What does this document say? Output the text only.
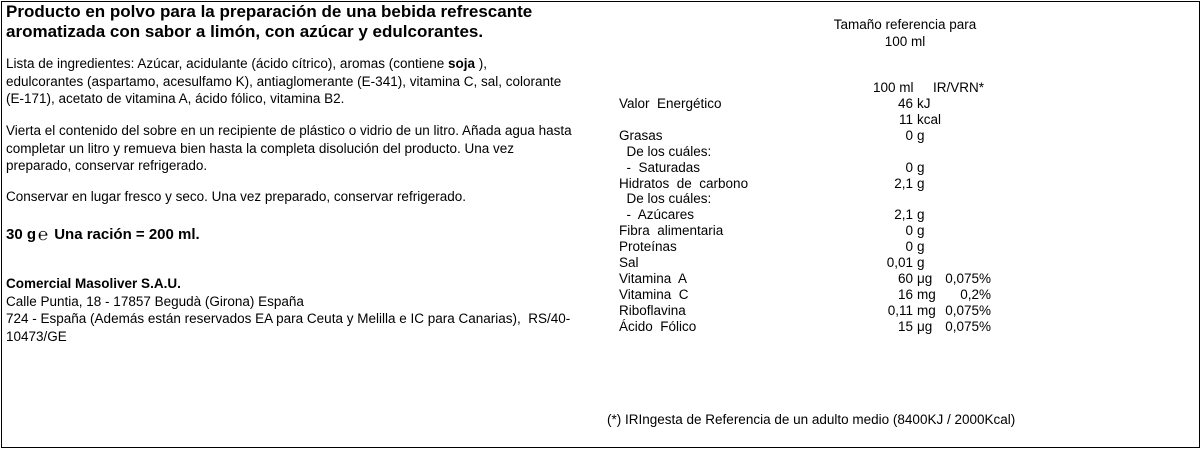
Producto en polvo para la preparación de una bebida refrescante
aromatizada con sabor a limón, con azúcar y edulcorantes.
Lista de ingredientes: Azúcar, acidulante (ácido cítrico), aromas (contiene soja ),
edulcorantes (aspartamo, acesulfamo K), antiaglomerante (E-341), vitamina C, sal, colorante
(E-171), acetato de vitamina A, ácido fólico, vitamina B2.
Vierta el contenido del sobre en un recipiente de plástico o vidrio de un litro. Añada agua hasta
completar un litro y remueva bien hasta la completa disolución del producto. Una vez
preparado, conservar refrigerado.
Conservar en lugar fresco y seco. Una vez preparado, conservar refrigerado.
30 g ℮ Una ración = 200 ml.
Comercial Masoliver S.A.U.
Calle Puntia, 18 - 17857 Begudà (Girona) España
724 - España (Además están reservados EA para Ceuta y Melilla e IC para Canarias),  RS/40-
10473/GE
Tamaño referencia para
100 ml
100 ml IR/VRN*
Valor  Energético	46 kJ
11 kcal
Grasas	0 g
De los cuáles:
-  Saturadas	0 g
Hidratos  de  carbono	2,1 g
De los cuáles:
-  Azúcares	2,1 g
Fibra  alimentaria	0 g
Proteínas	0 g
Sal	0,01 g
Vitamina  A	60 μg 0,075%
Vitamina  C	16 mg 0,2%
Riboflavina	0,11 mg 0,075%
Ácido  Fólico	15 μg 0,075%
(*) IRIngesta de Referencia de un adulto medio (8400KJ / 2000Kcal)
